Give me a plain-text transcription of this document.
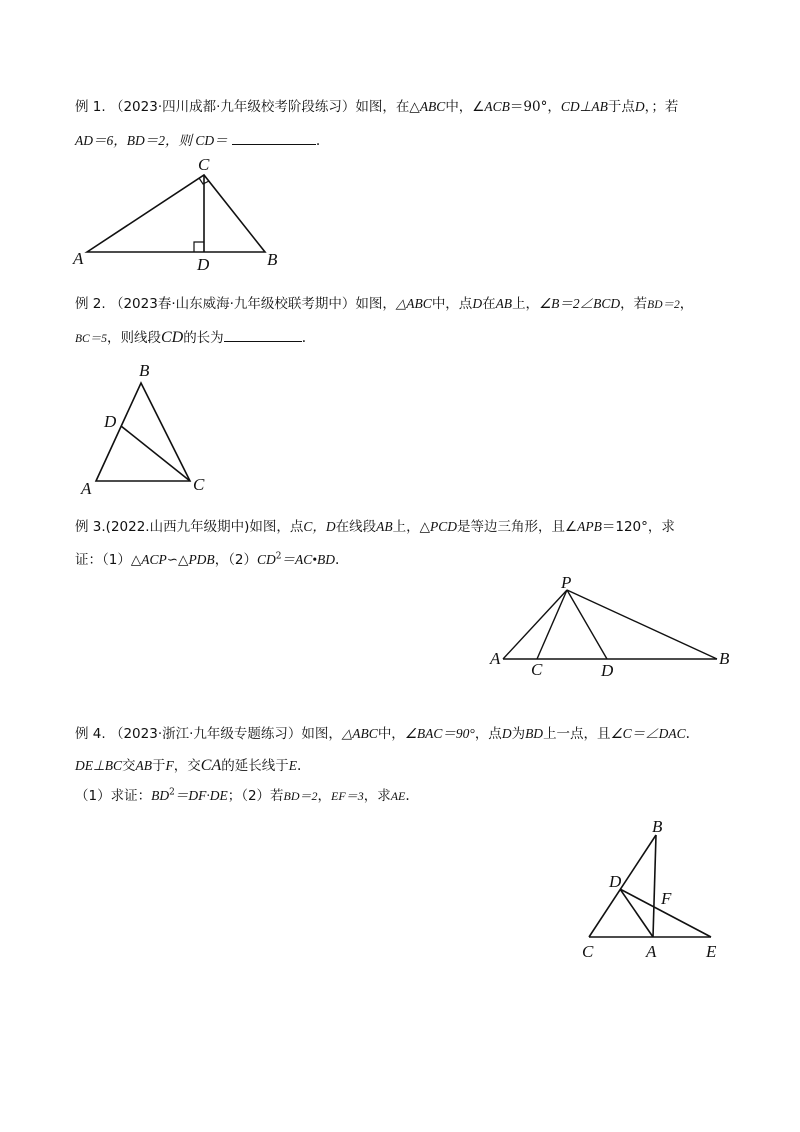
例 1. （2023·四川成都·九年级校考阶段练习）如图，在△ABC中，∠ACB＝90°，CD⊥AB于点D，；若
AD＝6，BD＝2，则 CD＝	.
C
A	D	B
例 2. （2023春·山东威海·九年级校联考期中）如图，△ABC中，点D在AB上，∠B＝2∠BCD，若BD＝2，
BC＝5，则线段CD的长为	.
B
D
A	C
例 3.(2022.山西九年级期中)如图，点C，D在线段AB上，△PCD是等边三角形，且∠APB＝120°，求
证：（1）△ACP∽△PDB，$(2)CD^2=AC•BD$.
P
A
C	D
B
例 4. （2023·浙江·九年级专题练习）如图，△ABC中，∠BAC＝90°，点D为BD上一点，且∠C＝∠DAC.
DE⊥BC交AB于F，交CA的延长线于E.
（1）求证：$BD^2=DF\cdot DE$；（2）若BD＝2，EF＝3，求AE.
B
D
F
C	A	E
